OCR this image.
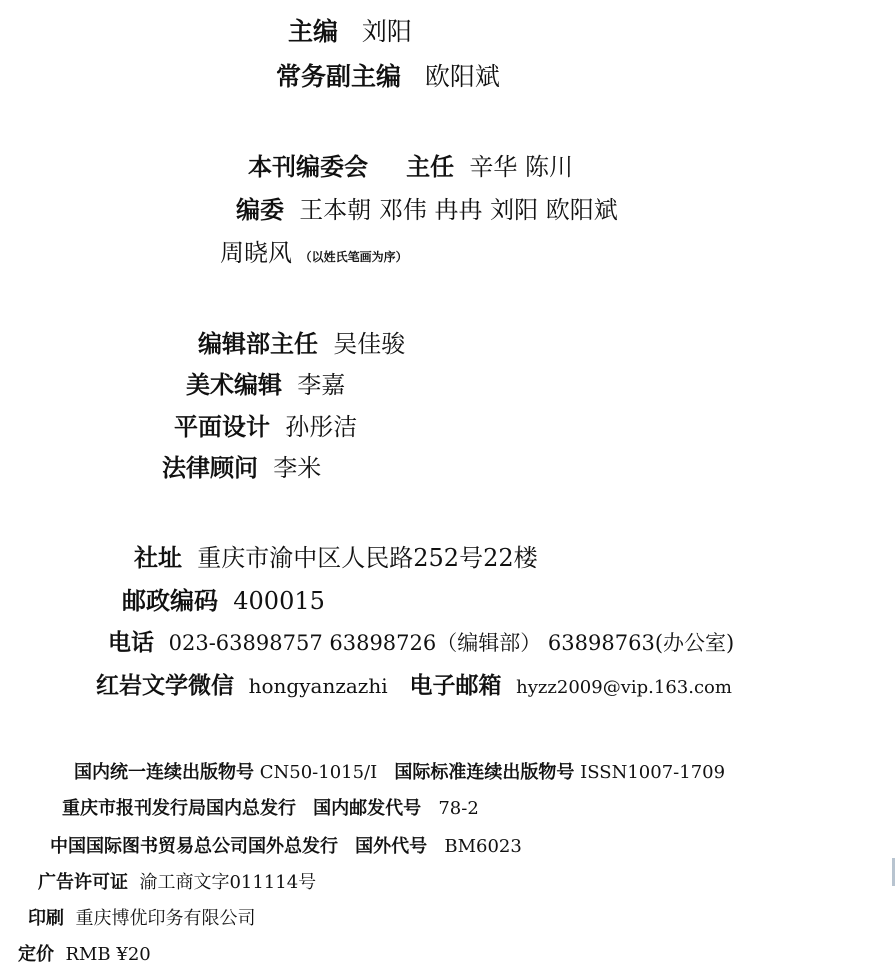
主编 刘阳
常务副主编 欧阳斌
本刊编委会 主任 辛华 陈川
编委 王本朝 邓伟 冉冉 刘阳 欧阳斌
周晓风 （以姓氏笔画为序）
编辑部主任 吴佳骏
美术编辑 李嘉
平面设计 孙彤洁
法律顾问 李米
社址 重庆市渝中区人民路252号22楼
邮政编码 400015
电话 023-63898757 63898726（编辑部） 63898763(办公室)
红岩文学微信 hongyanzazhi 电子邮箱 hyzz2009@vip.163.com
国内统一连续出版物号 CN50-1015/I 国际标准连续出版物号 ISSN1007-1709
重庆市报刊发行局国内总发行 国内邮发代号 78-2
中国国际图书贸易总公司国外总发行 国外代号 BM6023
广告许可证 渝工商文字011114号
印刷 重庆博优印务有限公司
定价 RMB ¥20
